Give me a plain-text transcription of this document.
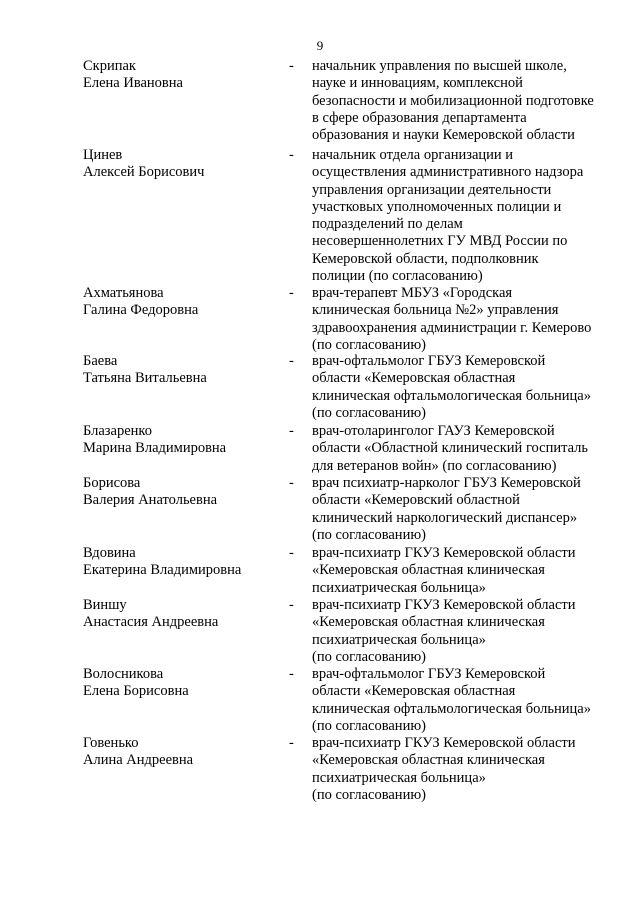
9
Скрипак
Елена Ивановна
- начальник управления по высшей школе,
науке и инновациям, комплексной
безопасности и мобилизационной подготовке
в сфере образования департамента
образования и науки Кемеровской области
Цинев
Алексей Борисович
- начальник отдела организации и
осуществления административного надзора
управления организации деятельности
участковых уполномоченных полиции и
подразделений по делам
несовершеннолетних ГУ МВД России по
Кемеровской области, подполковник
полиции (по согласованию)
Ахматьянова
Галина Федоровна
- врач-терапевт МБУЗ «Городская
клиническая больница №2» управления
здравоохранения администрации г. Кемерово
(по согласованию)
Баева
Татьяна Витальевна
- врач-офтальмолог ГБУЗ Кемеровской
области «Кемеровская областная
клиническая офтальмологическая больница»
(по согласованию)
Блазаренко
Марина Владимировна
- врач-отоларинголог ГАУЗ Кемеровской
области «Областной клинический госпиталь
для ветеранов войн» (по согласованию)
Борисова
Валерия Анатольевна
- врач психиатр-нарколог ГБУЗ Кемеровской
области «Кемеровский областной
клинический наркологический диспансер»
(по согласованию)
Вдовина
Екатерина Владимировна
- врач-психиатр ГКУЗ Кемеровской области
«Кемеровская областная клиническая
психиатрическая больница»
Виншу
Анастасия Андреевна
- врач-психиатр ГКУЗ Кемеровской области
«Кемеровская областная клиническая
психиатрическая больница»
(по согласованию)
Волосникова
Елена Борисовна
- врач-офтальмолог ГБУЗ Кемеровской
области «Кемеровская областная
клиническая офтальмологическая больница»
(по согласованию)
Говенько
Алина Андреевна
- врач-психиатр ГКУЗ Кемеровской области
«Кемеровская областная клиническая
психиатрическая больница»
(по согласованию)
